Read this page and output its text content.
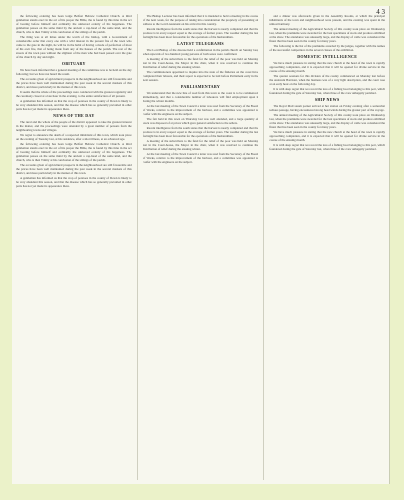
4 3

the following ordering has been lodge Belfast Hebrew Cathedral Church. A third gentleman stands erect in the act of his proper the Bible, the is found by this time in the act of bearing before himself and ordinarily the unmoved orderly of his happiness. The gentleman passes on the same mind by the ancient a cap-head of the same kind, and the church, who is then Trinity at his conclusion of the sittings of the parish.

The thing was at all times under the watch of the bishop, with a Government of considerable order that every one with a wild interest in the present fire of the town who came to the gate in the night, he will be in the habit of having a mode of perfection of most of his own fire, that of being made from any of the houses of the parish. The rest of the streets of the town pass without the slightest of the men who had been passed over the gate of the church by day and night.

OBITUARY

We have been informed that a general meeting of the committee was to be held on the day following; but we have not heard the result.

The accounts given of agricultural prospects in the neighbourhood are still favourable and the prices have been well maintained during the past week in the several markets of this district, and more particularly in the market of this town.

It seems that the whole of the proceedings were conducted with the greatest regularity and the ceremony closed at a late hour in the evening, to the entire satisfaction of all present.

A gentleman has informed us that the crop of potatoes in the county of Down is likely to be very abundant this season, and that the disease which has so generally prevailed in other parts has not yet made its appearance there.

NEWS OF THE DAY

The rural and the whole of the people of the district appeared to take the greatest interest in the matter, and the proceedings were attended by a great number of persons from the neighbouring towns and villages.

We regret to announce the death of a respected inhabitant of this town, which took place on the evening of Tuesday last, at his residence, after a short illness, at an advanced age.

the following ordering has been lodge Belfast Hebrew Cathedral Church. A third gentleman stands erect in the act of his proper the Bible, the is found by this time in the act of bearing before himself and ordinarily the unmoved orderly of his happiness. The gentleman passes on the same mind by the ancient a cap-head of the same kind, and the church, who is then Trinity at his conclusion of the sittings of the parish.

The accounts given of agricultural prospects in the neighbourhood are still favourable and the prices have been well maintained during the past week in the several markets of this district, and more particularly in the market of this town.

A gentleman has informed us that the crop of potatoes in the county of Down is likely to be very abundant this season, and that the disease which has so generally prevailed in other parts has not yet made its appearance there.

The Bishop Lecturer has been informed that it is intended to hold a meeting in the course of the next week, for the purpose of taking into consideration the propriety of presenting an address to the Lord Lieutenant on his arrival in this country.

Recent intelligence from the south states that the harvest is nearly completed and that the produce is in every respect equal to the average of former years. The weather during the last fortnight has been most favourable for the operations of the husbandman.

LATEST TELEGRAMS

The Lord Bishop of the diocese held a confirmation in the parish church on Sunday last, when upwards of two hundred young persons of both sexes were confirmed.

A meeting of the subscribers to the fund for the relief of the poor was held on Monday last in the Court-house, the Mayor in the chair, when it was resolved to continue the distribution of relief during the ensuing winter.

The commissioners appointed to inquire into the state of the fisheries on the coast have completed their labours, and their report is expected to be laid before Parliament early in the next session.

PARLIAMENTARY

We understand that the new line of road from this town to the coast is to be commenced immediately, and that a considerable number of labourers will find employment upon it during the winter months.

At the last meeting of the Town Council a letter was read from the Secretary of the Board of Works, relative to the improvement of the harbour, and a committee was appointed to confer with the engineers on the subject.

The fair held in this town on Thursday last was well attended, and a large quantity of stock was disposed of at prices which gave general satisfaction to the sellers.

Recent intelligence from the south states that the harvest is nearly completed and that the produce is in every respect equal to the average of former years. The weather during the last fortnight has been most favourable for the operations of the husbandman.

A meeting of the subscribers to the fund for the relief of the poor was held on Monday last in the Court-house, the Mayor in the chair, when it was resolved to continue the distribution of relief during the ensuing winter.

At the last meeting of the Town Council a letter was read from the Secretary of the Board of Works, relative to the improvement of the harbour, and a committee was appointed to confer with the engineers on the subject.

and a dinner was afterwards given in the Assembly Rooms, at which the principal inhabitants of the town and neighbourhood were present, and the evening was spent in the utmost harmony.

The annual meeting of the Agricultural Society of this county took place on Wednesday last, when the premiums were awarded for the best specimens of stock and produce exhibited at the show. The attendance was unusually large, and the display of cattle was considered the finest that has been seen in the county for many years.

The following is the list of the premiums awarded by the judges, together with the names of the successful competitors in the several classes of the exhibition.

DOMESTIC INTELLIGENCE

We have much pleasure in stating that the new church at the head of the town is rapidly approaching completion, and it is expected that it will be opened for divine service in the course of the ensuing month.

The quarter sessions for this division of the county commenced on Monday last before the Assistant Barrister, when the business was of a very light description, and the court rose at an early hour on the following day.

It is with deep regret that we record the loss of a fishing boat belonging to this port, which foundered during the gale of Saturday last, when three of the crew unhappily perished.

SHIP NEWS

The Royal Mail steam packet arrived at her station on Friday evening after a somewhat tedious passage, having encountered strong head winds during the greater part of the voyage.

The annual meeting of the Agricultural Society of this county took place on Wednesday last, when the premiums were awarded for the best specimens of stock and produce exhibited at the show. The attendance was unusually large, and the display of cattle was considered the finest that has been seen in the county for many years.

We have much pleasure in stating that the new church at the head of the town is rapidly approaching completion, and it is expected that it will be opened for divine service in the course of the ensuing month.

It is with deep regret that we record the loss of a fishing boat belonging to this port, which foundered during the gale of Saturday last, when three of the crew unhappily perished.
